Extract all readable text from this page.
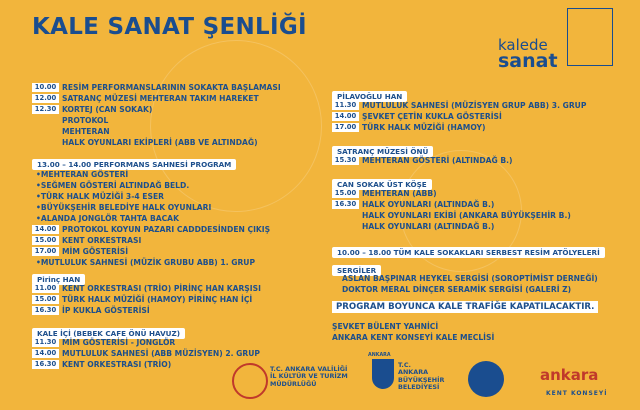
KALE SANAT ŞENLİĞİ
kalede
sanat
10.00 RESİM PERFORMANSLARININ SOKAKTA BAŞLAMASI
12.00 SATRANÇ MÜZESİ MEHTERAN TAKIM HAREKET
12.30 KORTEJ (CAN SOKAK)
PROTOKOL
MEHTERAN
HALK OYUNLARI EKİPLERİ (ABB VE ALTINDAĞ)
13.00 – 14.00 PERFORMANS SAHNESİ PROGRAM
• MEHTERAN GÖSTERİ
• SEĞMEN GÖSTERİ ALTINDAĞ BELD.
• TÜRK HALK MÜZİĞİ 3-4 ESER
• BÜYÜKŞEHİR BELEDİYE HALK OYUNLARI
• ALANDA JONGLÖR TAHTA BACAK
14.00 PROTOKOL KOYUN PAZARI CADDDESİNDEN ÇIKIŞ
15.00 KENT ORKESTRASI
17.00 MİM GÖSTERİSİ
• MUTLULUK SAHNESİ (MÜZİK GRUBU ABB) 1. GRUP
Pirinç HAN
11.00 KENT ORKESTRASI (TRİO) PİRİNÇ HAN KARŞISI
15.00 TÜRK HALK MÜZİĞİ (HAMOY) PİRİNÇ HAN İÇİ
16.30 İP KUKLA GÖSTERİSİ
KALE İÇİ (BEBEK CAFE ÖNÜ HAVUZ)
11.30 MİM GÖSTERİSİ - JONGLÖR
14.00 MUTLULUK SAHNESİ (ABB MÜZİSYEN) 2. GRUP
16.30 KENT ORKESTRASI (TRİO)
PİLAVOĞLU HAN
11.30 MUTLULUK SAHNESİ (MÜZİSYEN GRUP ABB) 3. GRUP
14.00 ŞEVKET ÇETİN KUKLA GÖSTERİSİ
17.00 TÜRK HALK MÜZİĞİ (HAMOY)
SATRANÇ MÜZESİ ÖNÜ
15.30 MEHTERAN GÖSTERİ (ALTINDAĞ B.)
CAN SOKAK ÜST KÖŞE
15.00 MEHTERAN (ABB)
16.30 HALK OYUNLARI (ALTINDAĞ B.)
HALK OYUNLARI EKİBİ (ANKARA BÜYÜKŞEHİR B.)
HALK OYUNLARI (ALTINDAĞ B.)
10.00 – 18.00 TÜM KALE SOKAKLARI SERBEST RESİM ATÖLYELERİ
SERGİLER
ASLAN BAŞPINAR HEYKEL SERGİSİ (SOROPTİMİST DERNEĞİ)
DOKTOR MERAL DİNÇER SERAMİK SERGİSİ (GALERİ Z)
PROGRAM BOYUNCA KALE TRAFİĞE KAPATILACAKTIR.
ŞEVKET BÜLENT YAHNİCİ
ANKARA KENT KONSEYİ KALE MECLİSİ
T.C. ANKARA VALİLİĞİ
İL KÜLTÜR VE TURİZM
MÜDÜRLÜĞÜ
ANKARA
T.C.
ANKARA
BÜYÜKŞEHİR
BELEDİYESİ
ankara
KENT KONSEYİ
